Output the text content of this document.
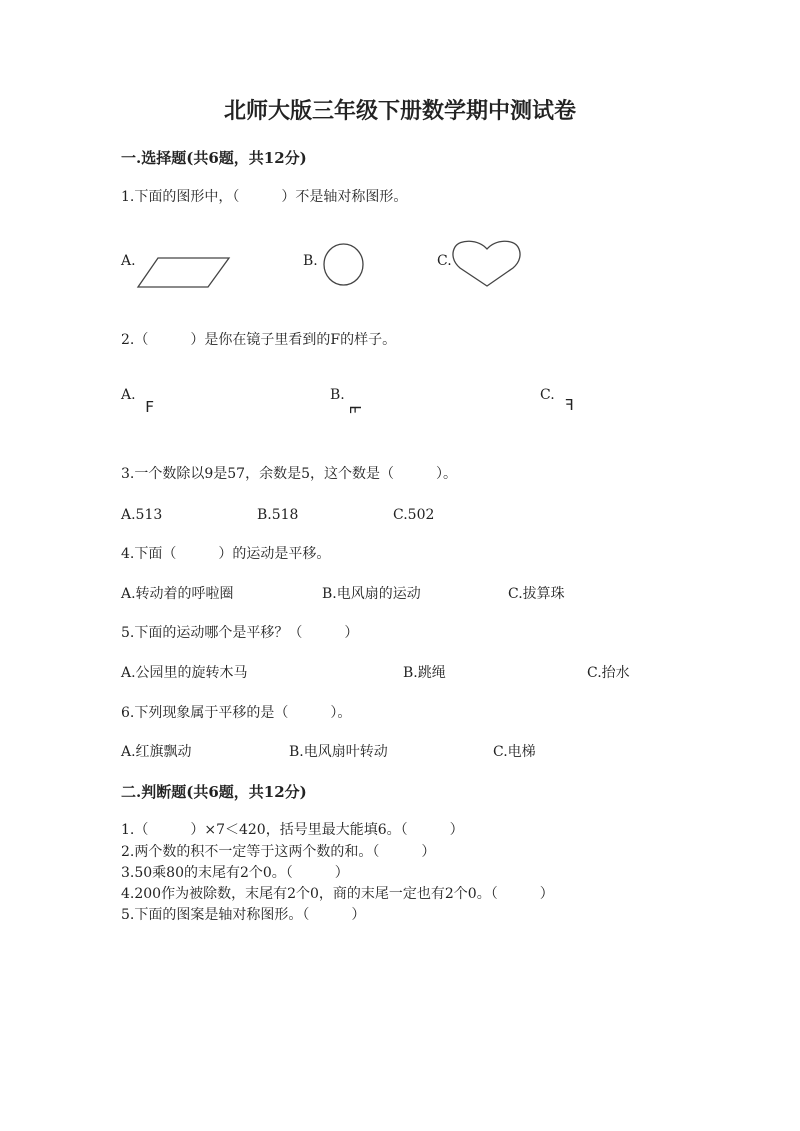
北师大版三年级下册数学期中测试卷
一.选择题(共6题，共12分)
1.下面的图形中，（　　　）不是轴对称图形。
A.	B.	C.
2.（　　　）是你在镜子里看到的F的样子。
A.
F
B.
F
C.
F
3.一个数除以9是57，余数是5，这个数是（　　　）。
A.513	B.518	C.502
4.下面（　　　）的运动是平移。
A.转动着的呼啦圈	B.电风扇的运动	C.拔算珠
5.下面的运动哪个是平移？（　　　）
A.公园里的旋转木马	B.跳绳	C.抬水
6.下列现象属于平移的是（　　　）。
A.红旗飘动	B.电风扇叶转动	C.电梯
二.判断题(共6题，共12分)
1.（　　　）×7＜420，括号里最大能填6。（　　　）
2.两个数的积不一定等于这两个数的和。（　　　）
3.50乘80的末尾有2个0。（　　　）
4.200作为被除数，末尾有2个0，商的末尾一定也有2个0。（　　　）
5.下面的图案是轴对称图形。（　　　）
